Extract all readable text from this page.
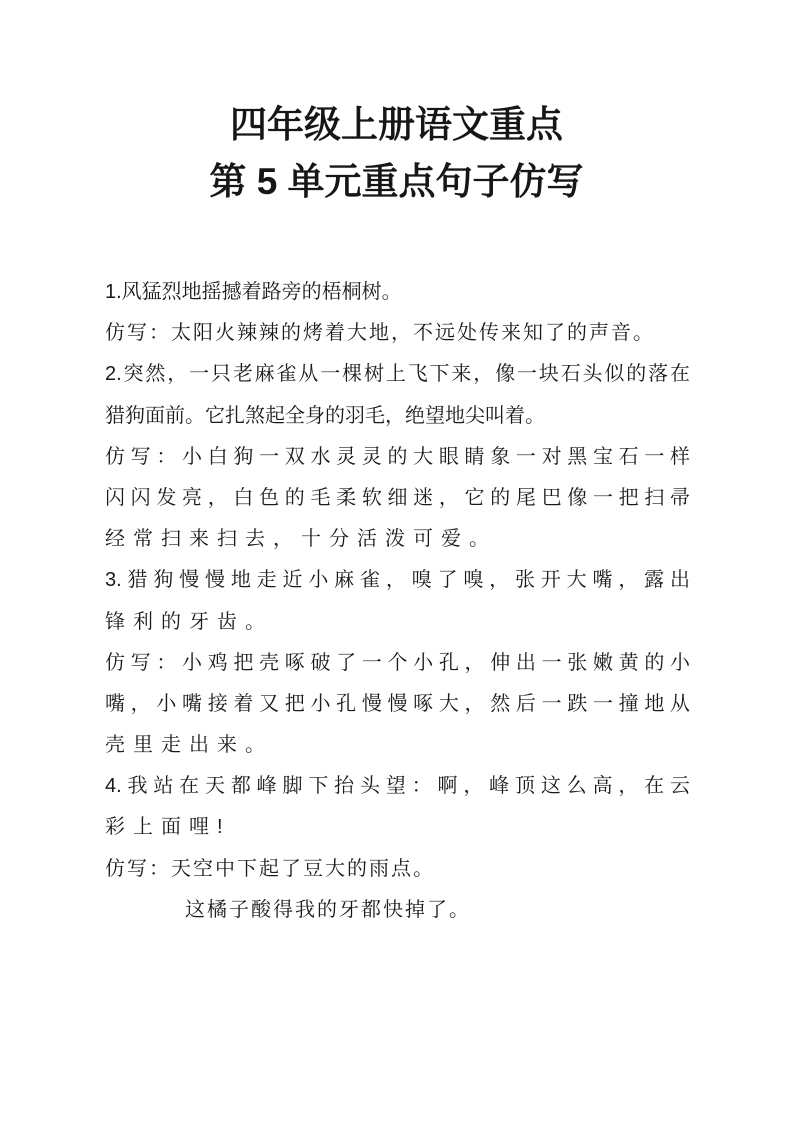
四年级上册语文重点
第 5 单元重点句子仿写
1.风猛烈地摇撼着路旁的梧桐树。
仿写：太阳火辣辣的烤着大地，不远处传来知了的声音。
2.突然，一只老麻雀从一棵树上飞下来，像一块石头似的落在
猎狗面前。它扎煞起全身的羽毛，绝望地尖叫着。
仿写：小白狗一双水灵灵的大眼睛象一对黑宝石一样
闪闪发亮，白色的毛柔软细迷，它的尾巴像一把扫帚
经常扫来扫去，十分活泼可爱。
3.猎狗慢慢地走近小麻雀，嗅了嗅，张开大嘴，露出
锋利的牙齿。
仿写：小鸡把壳啄破了一个小孔，伸出一张嫩黄的小
嘴，小嘴接着又把小孔慢慢啄大，然后一跌一撞地从
壳里走出来。
4.我站在天都峰脚下抬头望：啊，峰顶这么高，在云
彩上面哩!
仿写：天空中下起了豆大的雨点。
这橘子酸得我的牙都快掉了。
